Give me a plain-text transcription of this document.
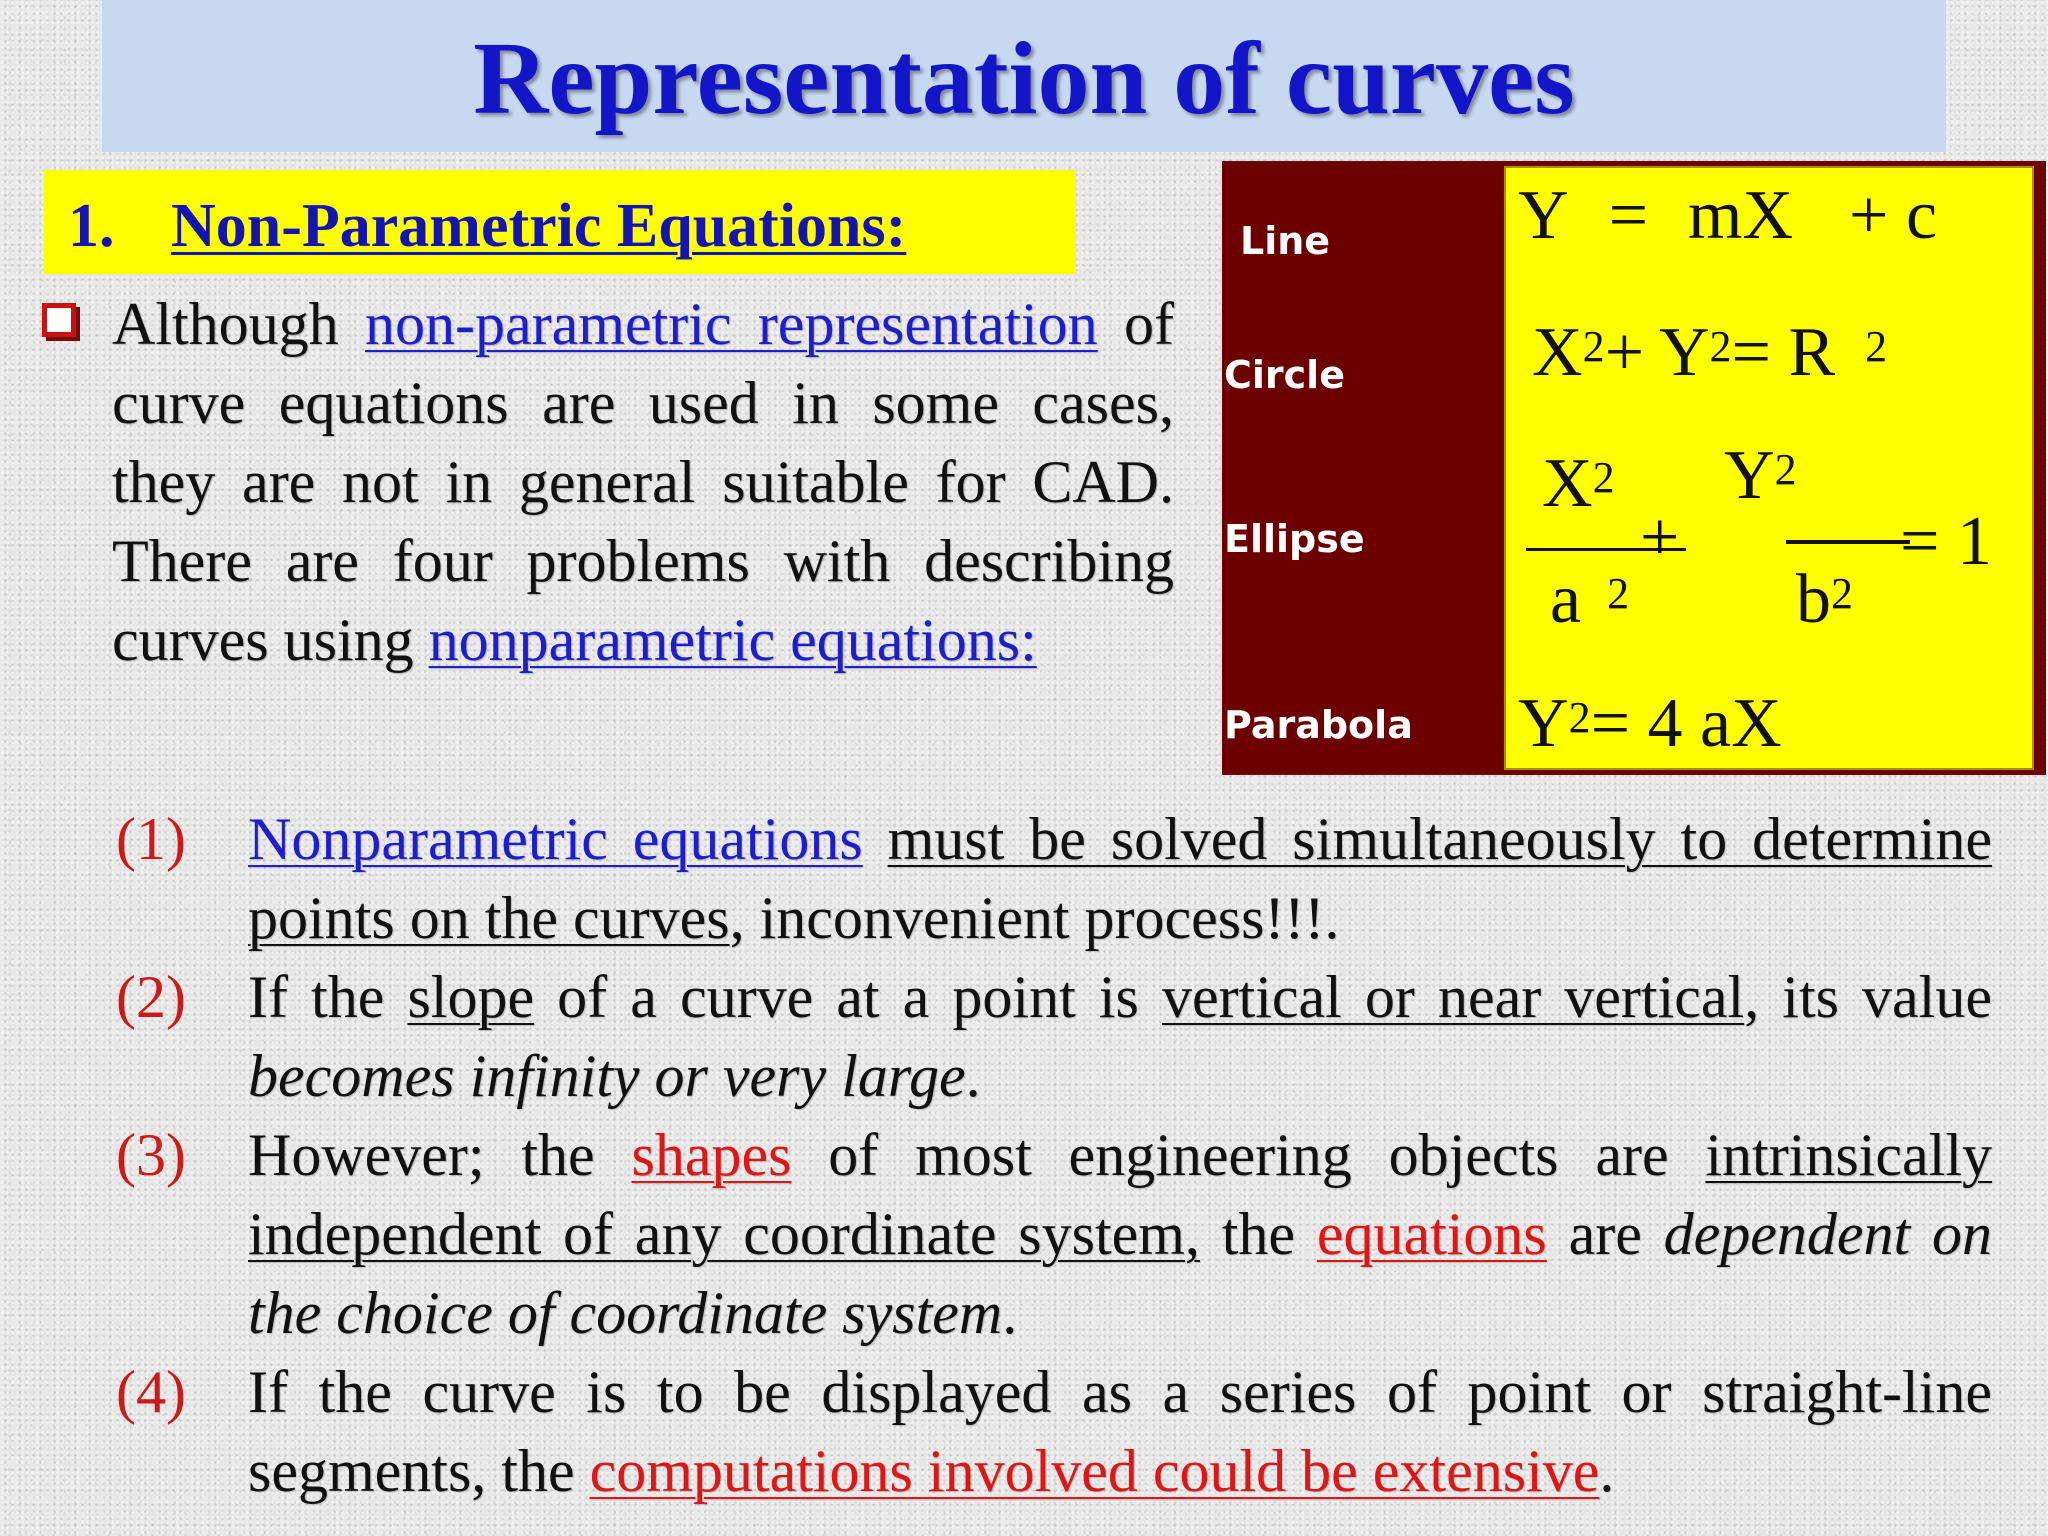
Representation of curves
1. Non-Parametric Equations:
Although non-parametric representation of curve equations are used in some cases, they are not in general suitable for CAD. There are four problems with describing curves using nonparametric equations:
Line
Circle
Ellipse
Parabola
Y = mX + c
$X^2+ Y^2= R$ $^2$
$X^2$ $Y^2$
+	= 1
a $^2$ $b^2$
$Y^2= 4$ aX
(1) Nonparametric equations must be solved simultaneously to determine points on the curves, inconvenient process!!!.
(2) If the slope of a curve at a point is vertical or near vertical, its value becomes infinity or very large.
(3) However; the shapes of most engineering objects are intrinsically independent of any coordinate system, the equations are dependent on the choice of coordinate system.
(4) If the curve is to be displayed as a series of point or straight-line segments, the computations involved could be extensive.
